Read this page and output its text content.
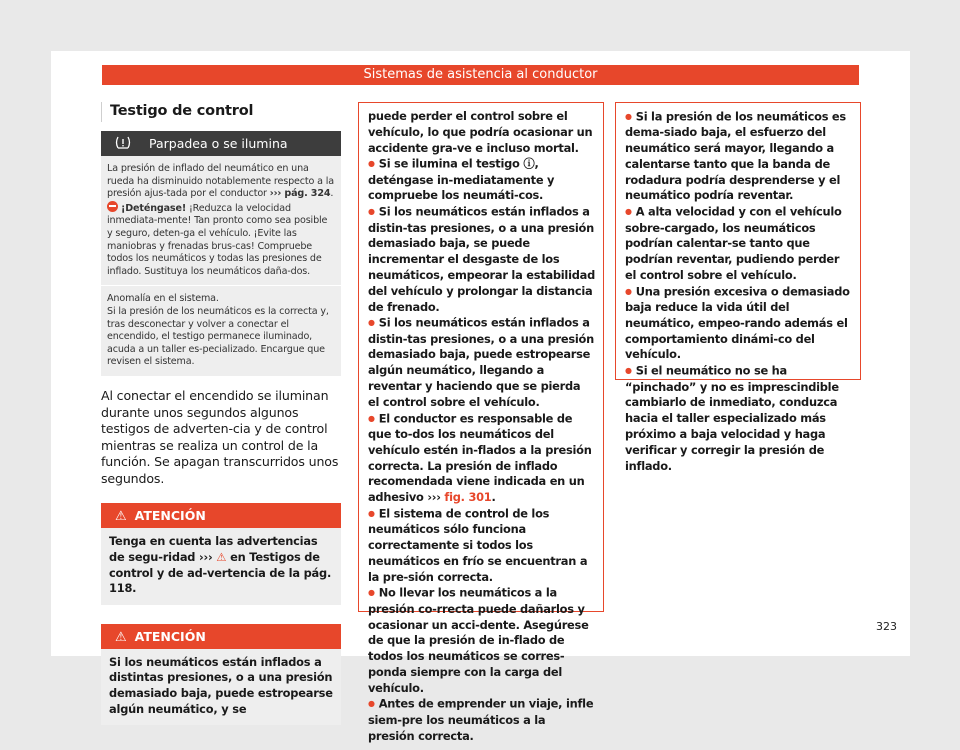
Sistemas de asistencia al conductor
Testigo de control
Parpadea o se ilumina
La presión de inflado del neumático en una rueda ha disminuido notablemente respecto a la presión ajus-tada por el conductor ››› pág. 324.
¡Deténgase! ¡Reduzca la velocidad inmediata-mente! Tan pronto como sea posible y seguro, deten-ga el vehículo. ¡Evite las maniobras y frenadas brus-cas! Compruebe todos los neumáticos y todas las presiones de inflado. Sustituya los neumáticos daña-dos.
Anomalía en el sistema.
Si la presión de los neumáticos es la correcta y, tras desconectar y volver a conectar el encendido, el testigo permanece iluminado, acuda a un taller es-pecializado. Encargue que revisen el sistema.
Al conectar el encendido se iluminan durante unos segundos algunos testigos de adverten-cia y de control mientras se realiza un control de la función. Se apagan transcurridos unos segundos.
⚠ ATENCIÓN
Tenga en cuenta las advertencias de segu-ridad ››› ⚠ en Testigos de control y de ad-vertencia de la pág. 118.
⚠ ATENCIÓN
Si los neumáticos están inflados a distintas presiones, o a una presión demasiado baja, puede estropearse algún neumático, y se
puede perder el control sobre el vehículo, lo que podría ocasionar un accidente gra-ve e incluso mortal.
● Si se ilumina el testigo ⓘ, deténgase in-mediatamente y compruebe los neumáti-cos.
● Si los neumáticos están inflados a distin-tas presiones, o a una presión demasiado baja, se puede incrementar el desgaste de los neumáticos, empeorar la estabilidad del vehículo y prolongar la distancia de frenado.
● Si los neumáticos están inflados a distin-tas presiones, o a una presión demasiado baja, puede estropearse algún neumático, llegando a reventar y haciendo que se pierda el control sobre el vehículo.
● El conductor es responsable de que to-dos los neumáticos del vehículo estén in-flados a la presión correcta. La presión de inflado recomendada viene indicada en un adhesivo ››› fig. 301.
● El sistema de control de los neumáticos sólo funciona correctamente si todos los neumáticos en frío se encuentran a la pre-sión correcta.
● No llevar los neumáticos a la presión co-rrecta puede dañarlos y ocasionar un acci-dente. Asegúrese de que la presión de in-flado de todos los neumáticos se corres-ponda siempre con la carga del vehículo.
● Antes de emprender un viaje, infle siem-pre los neumáticos a la presión correcta.
● Si la presión de los neumáticos es dema-siado baja, el esfuerzo del neumático será mayor, llegando a calentarse tanto que la banda de rodadura podría desprenderse y el neumático podría reventar.
● A alta velocidad y con el vehículo sobre-cargado, los neumáticos podrían calentar-se tanto que podrían reventar, pudiendo perder el control sobre el vehículo.
● Una presión excesiva o demasiado baja reduce la vida útil del neumático, empeo-rando además el comportamiento dinámi-co del vehículo.
● Si el neumático no se ha “pinchado” y no es imprescindible cambiarlo de inmediato, conduzca hacia el taller especializado más próximo a baja velocidad y haga verificar y corregir la presión de inflado.
323
